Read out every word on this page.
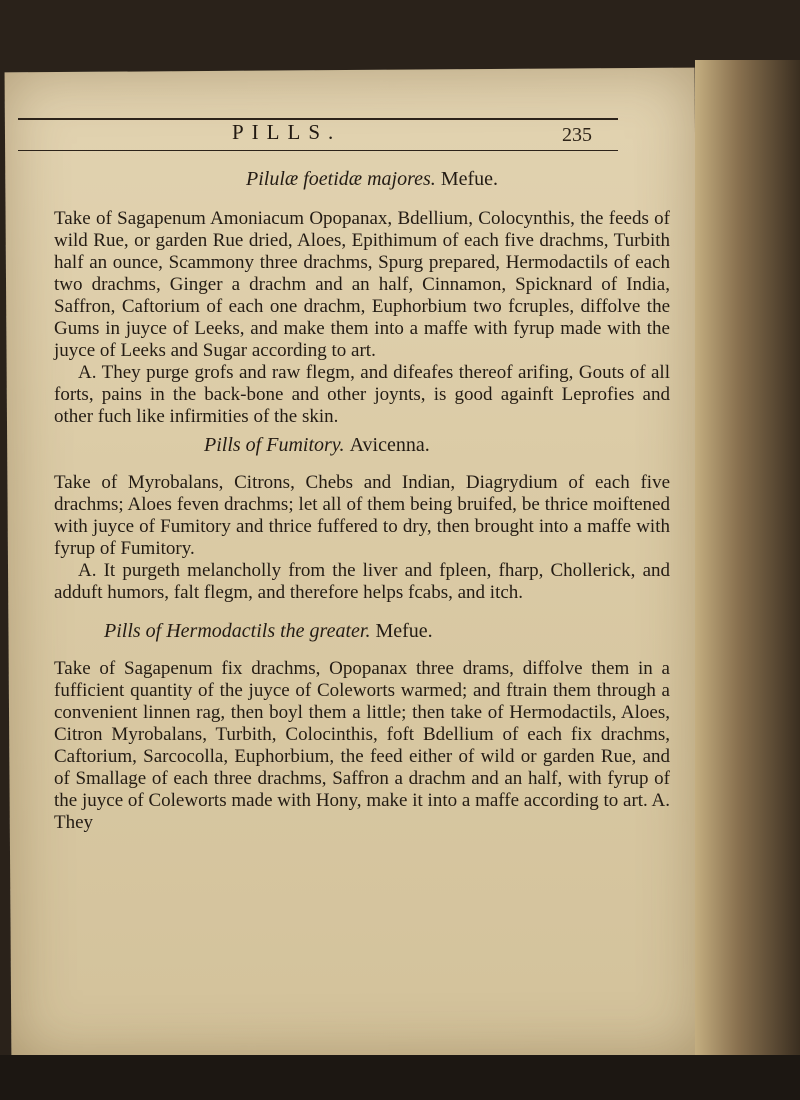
PILLS.	235
Pilulæ foetidæ majores. Mefue.

Take of Sagapenum Amoniacum Opopanax, Bdellium, Colocynthis, the feeds of wild Rue, or garden Rue dried, Aloes, Epithimum of each five drachms, Turbith half an ounce, Scammony three drachms, Spurg prepared, Hermodactils of each two drachms, Ginger a drachm and an half, Cinnamon, Spicknard of India, Saffron, Caftorium of each one drachm, Euphorbium two fcruples, diffolve the Gums in juyce of Leeks, and make them into a maffe with fyrup made with the juyce of Leeks and Sugar according to art.

A. They purge grofs and raw flegm, and difeafes thereof arifing, Gouts of all forts, pains in the back-bone and other joynts, is good againft Leprofies and other fuch like infirmities of the skin.

Pills of Fumitory. Avicenna.

Take of Myrobalans, Citrons, Chebs and Indian, Diagrydium of each five drachms; Aloes feven drachms; let all of them being bruifed, be thrice moiftened with juyce of Fumitory and thrice fuffered to dry, then brought into a maffe with fyrup of Fumitory.

A. It purgeth melancholly from the liver and fpleen, fharp, Chollerick, and adduft humors, falt flegm, and therefore helps fcabs, and itch.

Pills of Hermodactils the greater. Mefue.

Take of Sagapenum fix drachms, Opopanax three drams, diffolve them in a fufficient quantity of the juyce of Coleworts warmed; and ftrain them through a convenient linnen rag, then boyl them a little; then take of Hermodactils, Aloes, Citron Myrobalans, Turbith, Colocinthis, foft Bdellium of each fix drachms, Caftorium, Sarcocolla, Euphorbium, the feed either of wild or garden Rue, and of Smallage of each three drachms, Saffron a drachm and an half, with fyrup of the juyce of Coleworts made with Hony, make it into a maffe according to art. A. They
